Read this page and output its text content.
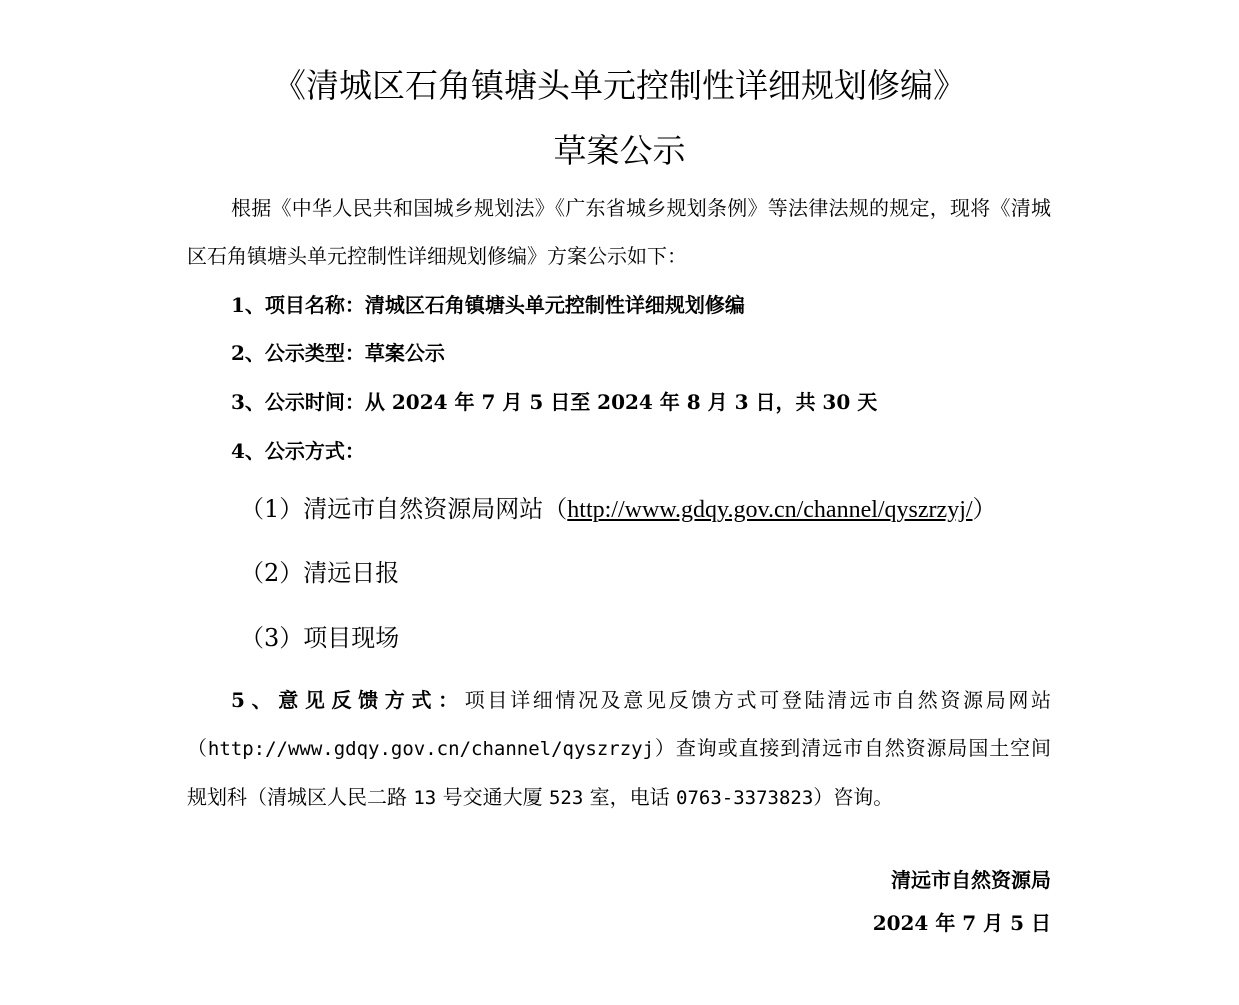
《清城区石角镇塘头单元控制性详细规划修编》
草案公示

根据《中华人民共和国城乡规划法》《广东省城乡规划条例》等法律法规的规定，现将《清城区石角镇塘头单元控制性详细规划修编》方案公示如下：

1、项目名称：清城区石角镇塘头单元控制性详细规划修编

2、公示类型：草案公示

3、公示时间：从 2024 年 7 月 5 日至 2024 年 8 月 3 日，共 30 天

4、公示方式：

（1）清远市自然资源局网站（http://www.gdqy.gov.cn/channel/qyszrzyj/）

（2）清远日报

（3）项目现场

5、意见反馈方式：项目详细情况及意见反馈方式可登陆清远市自然资源局网站（http://www.gdqy.gov.cn/channel/qyszrzyj）查询或直接到清远市自然资源局国土空间规划科（清城区人民二路 13 号交通大厦 523 室，电话 0763-3373823）咨询。

清远市自然资源局

2024 年 7 月 5 日
